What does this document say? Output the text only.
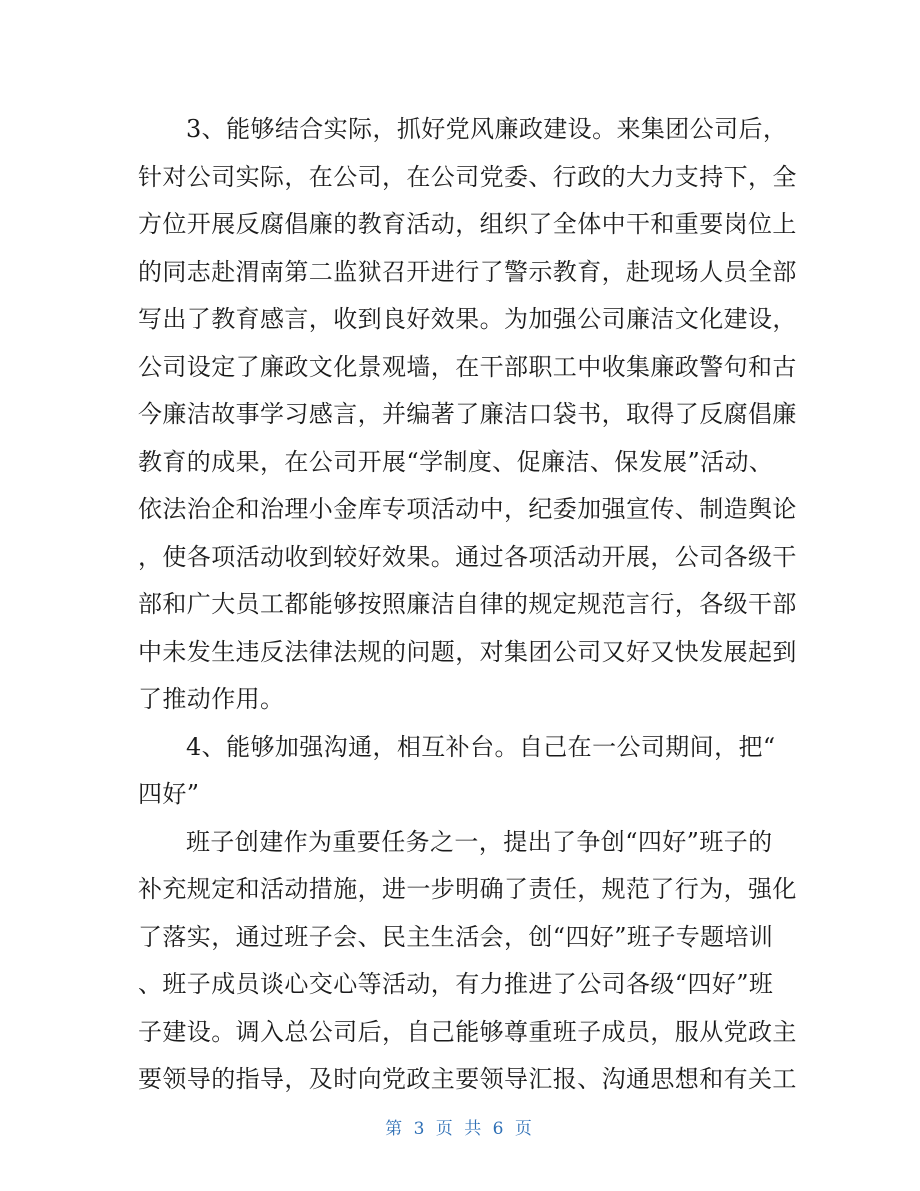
3、能够结合实际，抓好党风廉政建设。来集团公司后，
针对公司实际，在公司，在公司党委、行政的大力支持下，全
方位开展反腐倡廉的教育活动，组织了全体中干和重要岗位上
的同志赴渭南第二监狱召开进行了警示教育，赴现场人员全部
写出了教育感言，收到良好效果。为加强公司廉洁文化建设，
公司设定了廉政文化景观墙，在干部职工中收集廉政警句和古
今廉洁故事学习感言，并编著了廉洁口袋书，取得了反腐倡廉
教育的成果，在公司开展“学制度、促廉洁、保发展”活动、
依法治企和治理小金库专项活动中，纪委加强宣传、制造舆论
，使各项活动收到较好效果。通过各项活动开展，公司各级干
部和广大员工都能够按照廉洁自律的规定规范言行，各级干部
中未发生违反法律法规的问题，对集团公司又好又快发展起到
了推动作用。
4、能够加强沟通，相互补台。自己在一公司期间，把“
四好”
班子创建作为重要任务之一，提出了争创“四好”班子的
补充规定和活动措施，进一步明确了责任，规范了行为，强化
了落实，通过班子会、民主生活会，创“四好”班子专题培训
、班子成员谈心交心等活动，有力推进了公司各级“四好”班
子建设。调入总公司后，自己能够尊重班子成员，服从党政主
要领导的指导，及时向党政主要领导汇报、沟通思想和有关工
第 3 页 共 6 页
